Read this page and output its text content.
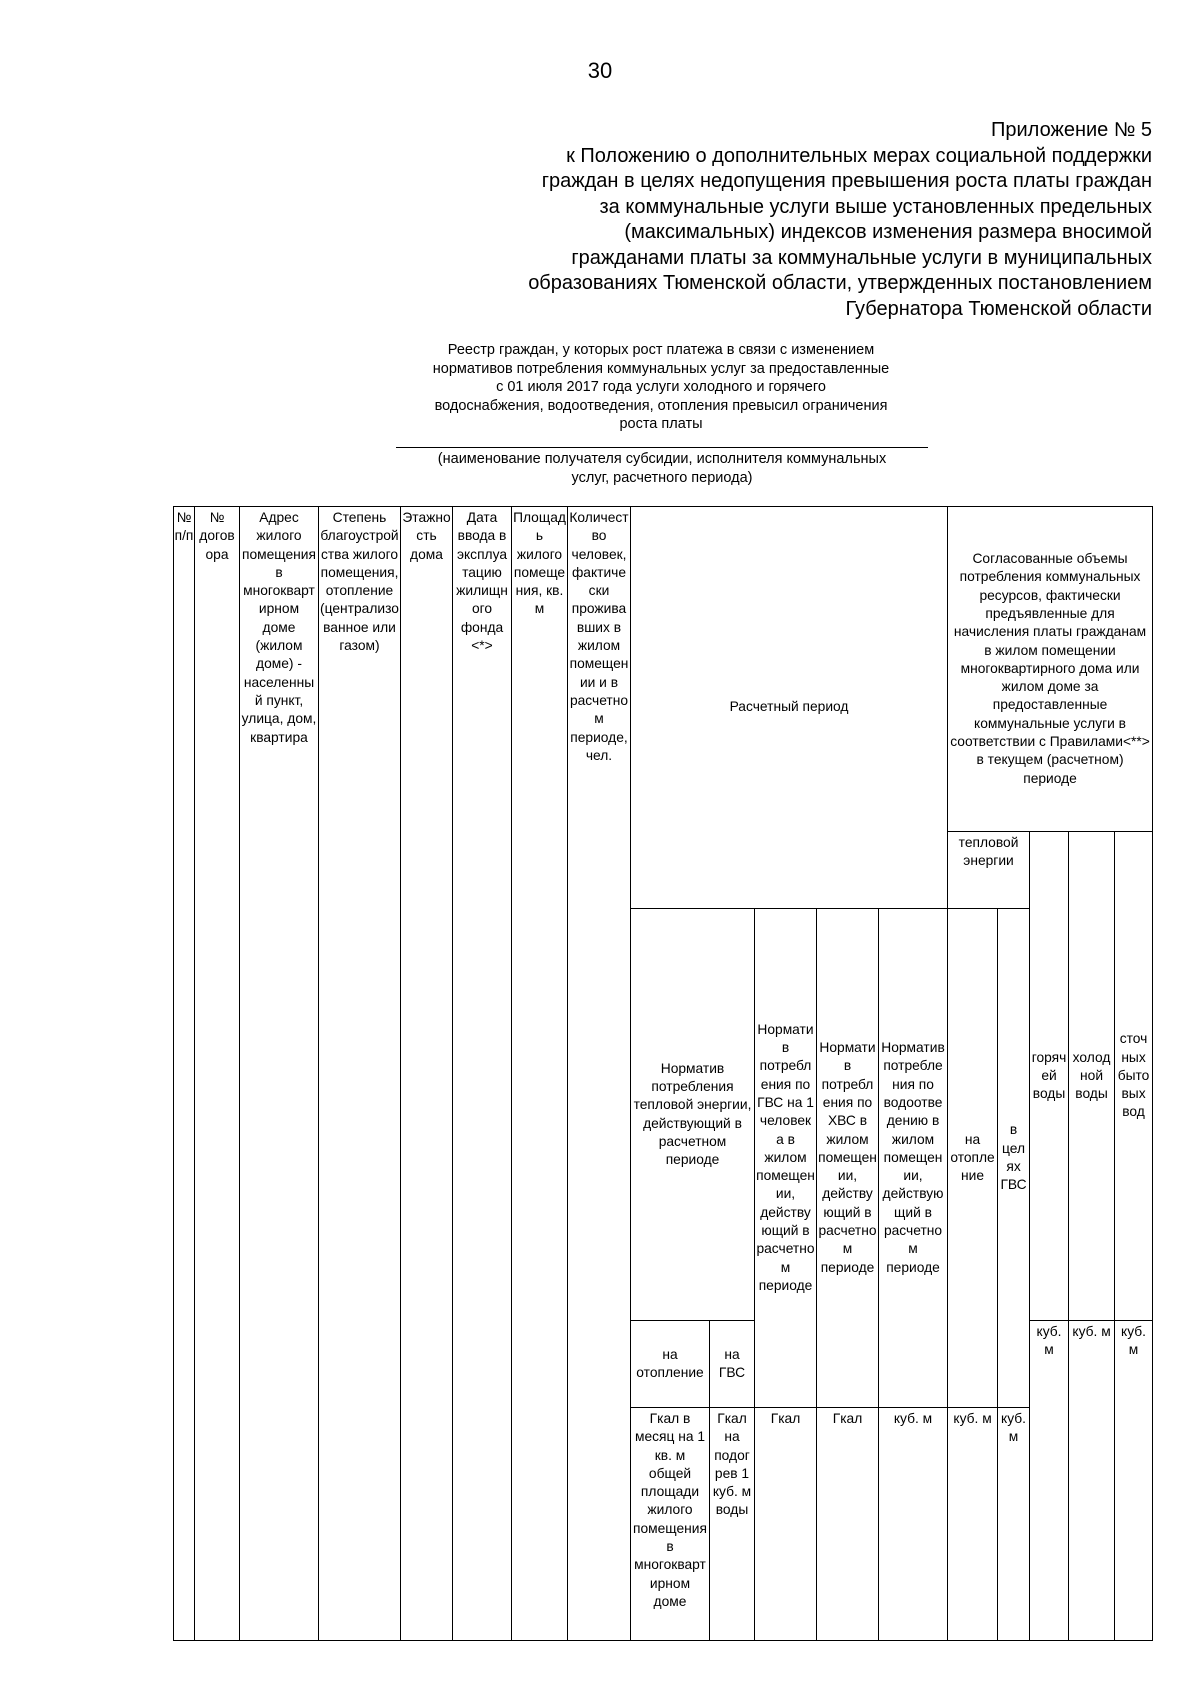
30
Приложение № 5
к Положению о дополнительных мерах социальной поддержки
граждан в целях недопущения превышения роста платы граждан
за коммунальные услуги выше установленных предельных
(максимальных) индексов изменения размера вносимой
гражданами платы за коммунальные услуги в муниципальных
образованиях Тюменской области, утвержденных постановлением
Губернатора Тюменской области
Реестр граждан, у которых рост платежа в связи с изменением
нормативов потребления коммунальных услуг за предоставленные
с 01 июля 2017 года услуги холодного и горячего
водоснабжения, водоотведения, отопления превысил ограничения
роста платы
(наименование получателя субсидии, исполнителя коммунальных
услуг, расчетного периода)
№ п/п	№ договора	Адрес жилого помещения в многоквартирном доме (жилом доме) - населенный пункт, улица, дом, квартира	Степень благоустройства жилого помещения, отопление (централизованное или газом)	Этажность дома	Дата ввода в эксплуатацию жилищного фонда <*>	Площадь жилого помещения, кв. м	Количество человек, фактически проживавших в жилом помещении и в расчетном периоде, чел.	Расчетный период					Согласованные объемы потребления коммунальных ресурсов, фактически предъявленные для начисления платы гражданам в жилом помещении многоквартирного дома или жилом доме за предоставленные коммунальные услуги в соответствии с Правилами<**> в текущем (расчетном) периоде					
													тепловой энергии		горячей воды	холодной воды	сточных бытовых вод	
								Норматив потребления тепловой энергии, действующий в расчетном периоде		Норматив потребления по ГВС на 1 человека в жилом помещении, действующий в расчетном периоде	Норматив потребления по ХВС в жилом помещении, действующий в расчетном периоде	Норматив потребления по водоотведению в жилом помещении, действующий в расчетном периоде	на отопление	в целях ГВС				
								на отопление	на ГВС						куб. м	куб. м	куб. м					
								Гкал в месяц на 1 кв. м общей площади жилого помещения в многоквартирном доме	Гкал на подогрев 1 куб. м воды	Гкал	Гкал	куб. м	куб. м	куб. м				
